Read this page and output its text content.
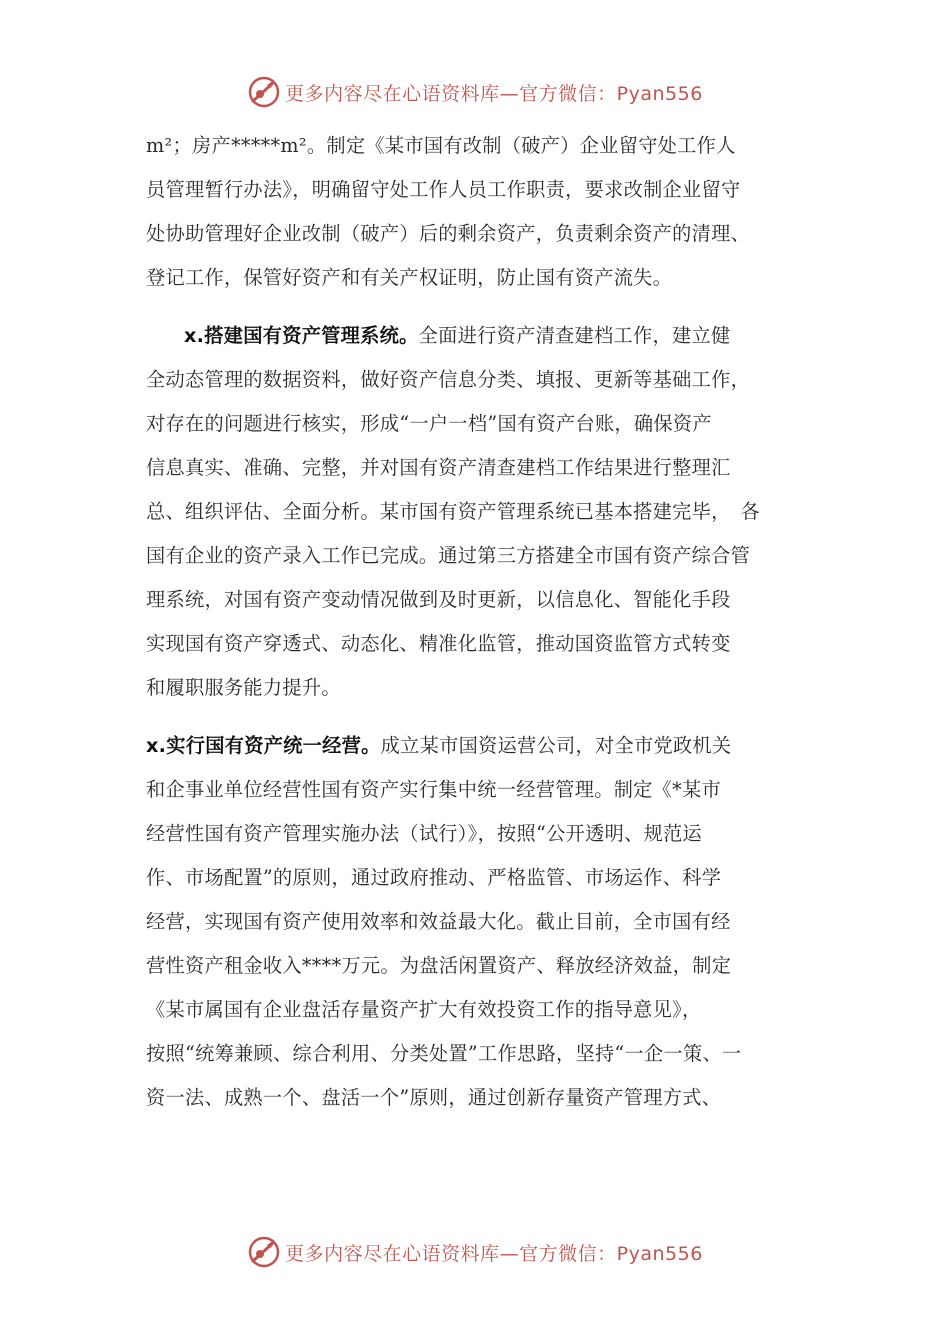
更多内容尽在心语资料库—官方微信：Pyan556
m²；房产*****m²。制定《某市国有改制（破产）企业留守处工作人
员管理暂行办法》，明确留守处工作人员工作职责，要求改制企业留守
处协助管理好企业改制（破产）后的剩余资产，负责剩余资产的清理、
登记工作，保管好资产和有关产权证明，防止国有资产流失。
x.搭建国有资产管理系统。全面进行资产清查建档工作，建立健
全动态管理的数据资料，做好资产信息分类、填报、更新等基础工作，
对存在的问题进行核实，形成“一户一档”国有资产台账，确保资产
信息真实、准确、完整，并对国有资产清查建档工作结果进行整理汇
总、组织评估、全面分析。某市国有资产管理系统已基本搭建完毕，　各
国有企业的资产录入工作已完成。通过第三方搭建全市国有资产综合管
理系统，对国有资产变动情况做到及时更新，以信息化、智能化手段
实现国有资产穿透式、动态化、精准化监管，推动国资监管方式转变
和履职服务能力提升。
x.实行国有资产统一经营。成立某市国资运营公司，对全市党政机关
和企事业单位经营性国有资产实行集中统一经营管理。制定《*某市
经营性国有资产管理实施办法（试行）》，按照“公开透明、规范运
作、市场配置”的原则，通过政府推动、严格监管、市场运作、科学
经营，实现国有资产使用效率和效益最大化。截止目前，全市国有经
营性资产租金收入****万元。为盘活闲置资产、释放经济效益，制定
《某市属国有企业盘活存量资产扩大有效投资工作的指导意见》，
按照“统筹兼顾、综合利用、分类处置”工作思路，坚持“一企一策、一
资一法、成熟一个、盘活一个”原则，通过创新存量资产管理方式、
更多内容尽在心语资料库—官方微信：Pyan556
